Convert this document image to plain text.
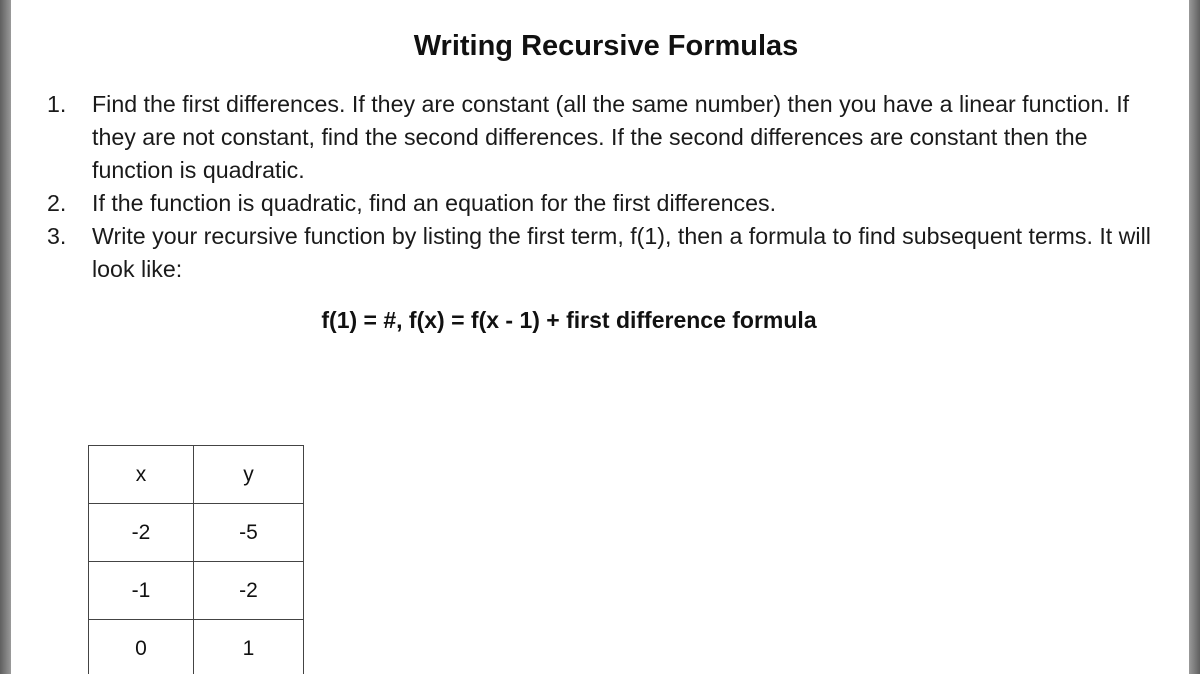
Writing Recursive Formulas
1.	Find the first differences. If they are constant (all the same number) then you have a linear function. If they are not constant, find the second differences. If the second differences are constant then the function is quadratic.
2.	If the function is quadratic, find an equation for the first differences.
3.	Write your recursive function by listing the first term, f(1), then a formula to find subsequent terms. It will look like:
f(1) = #, f(x) = f(x - 1) + first difference formula
x	y
-2	-5
-1	-2
0	1
